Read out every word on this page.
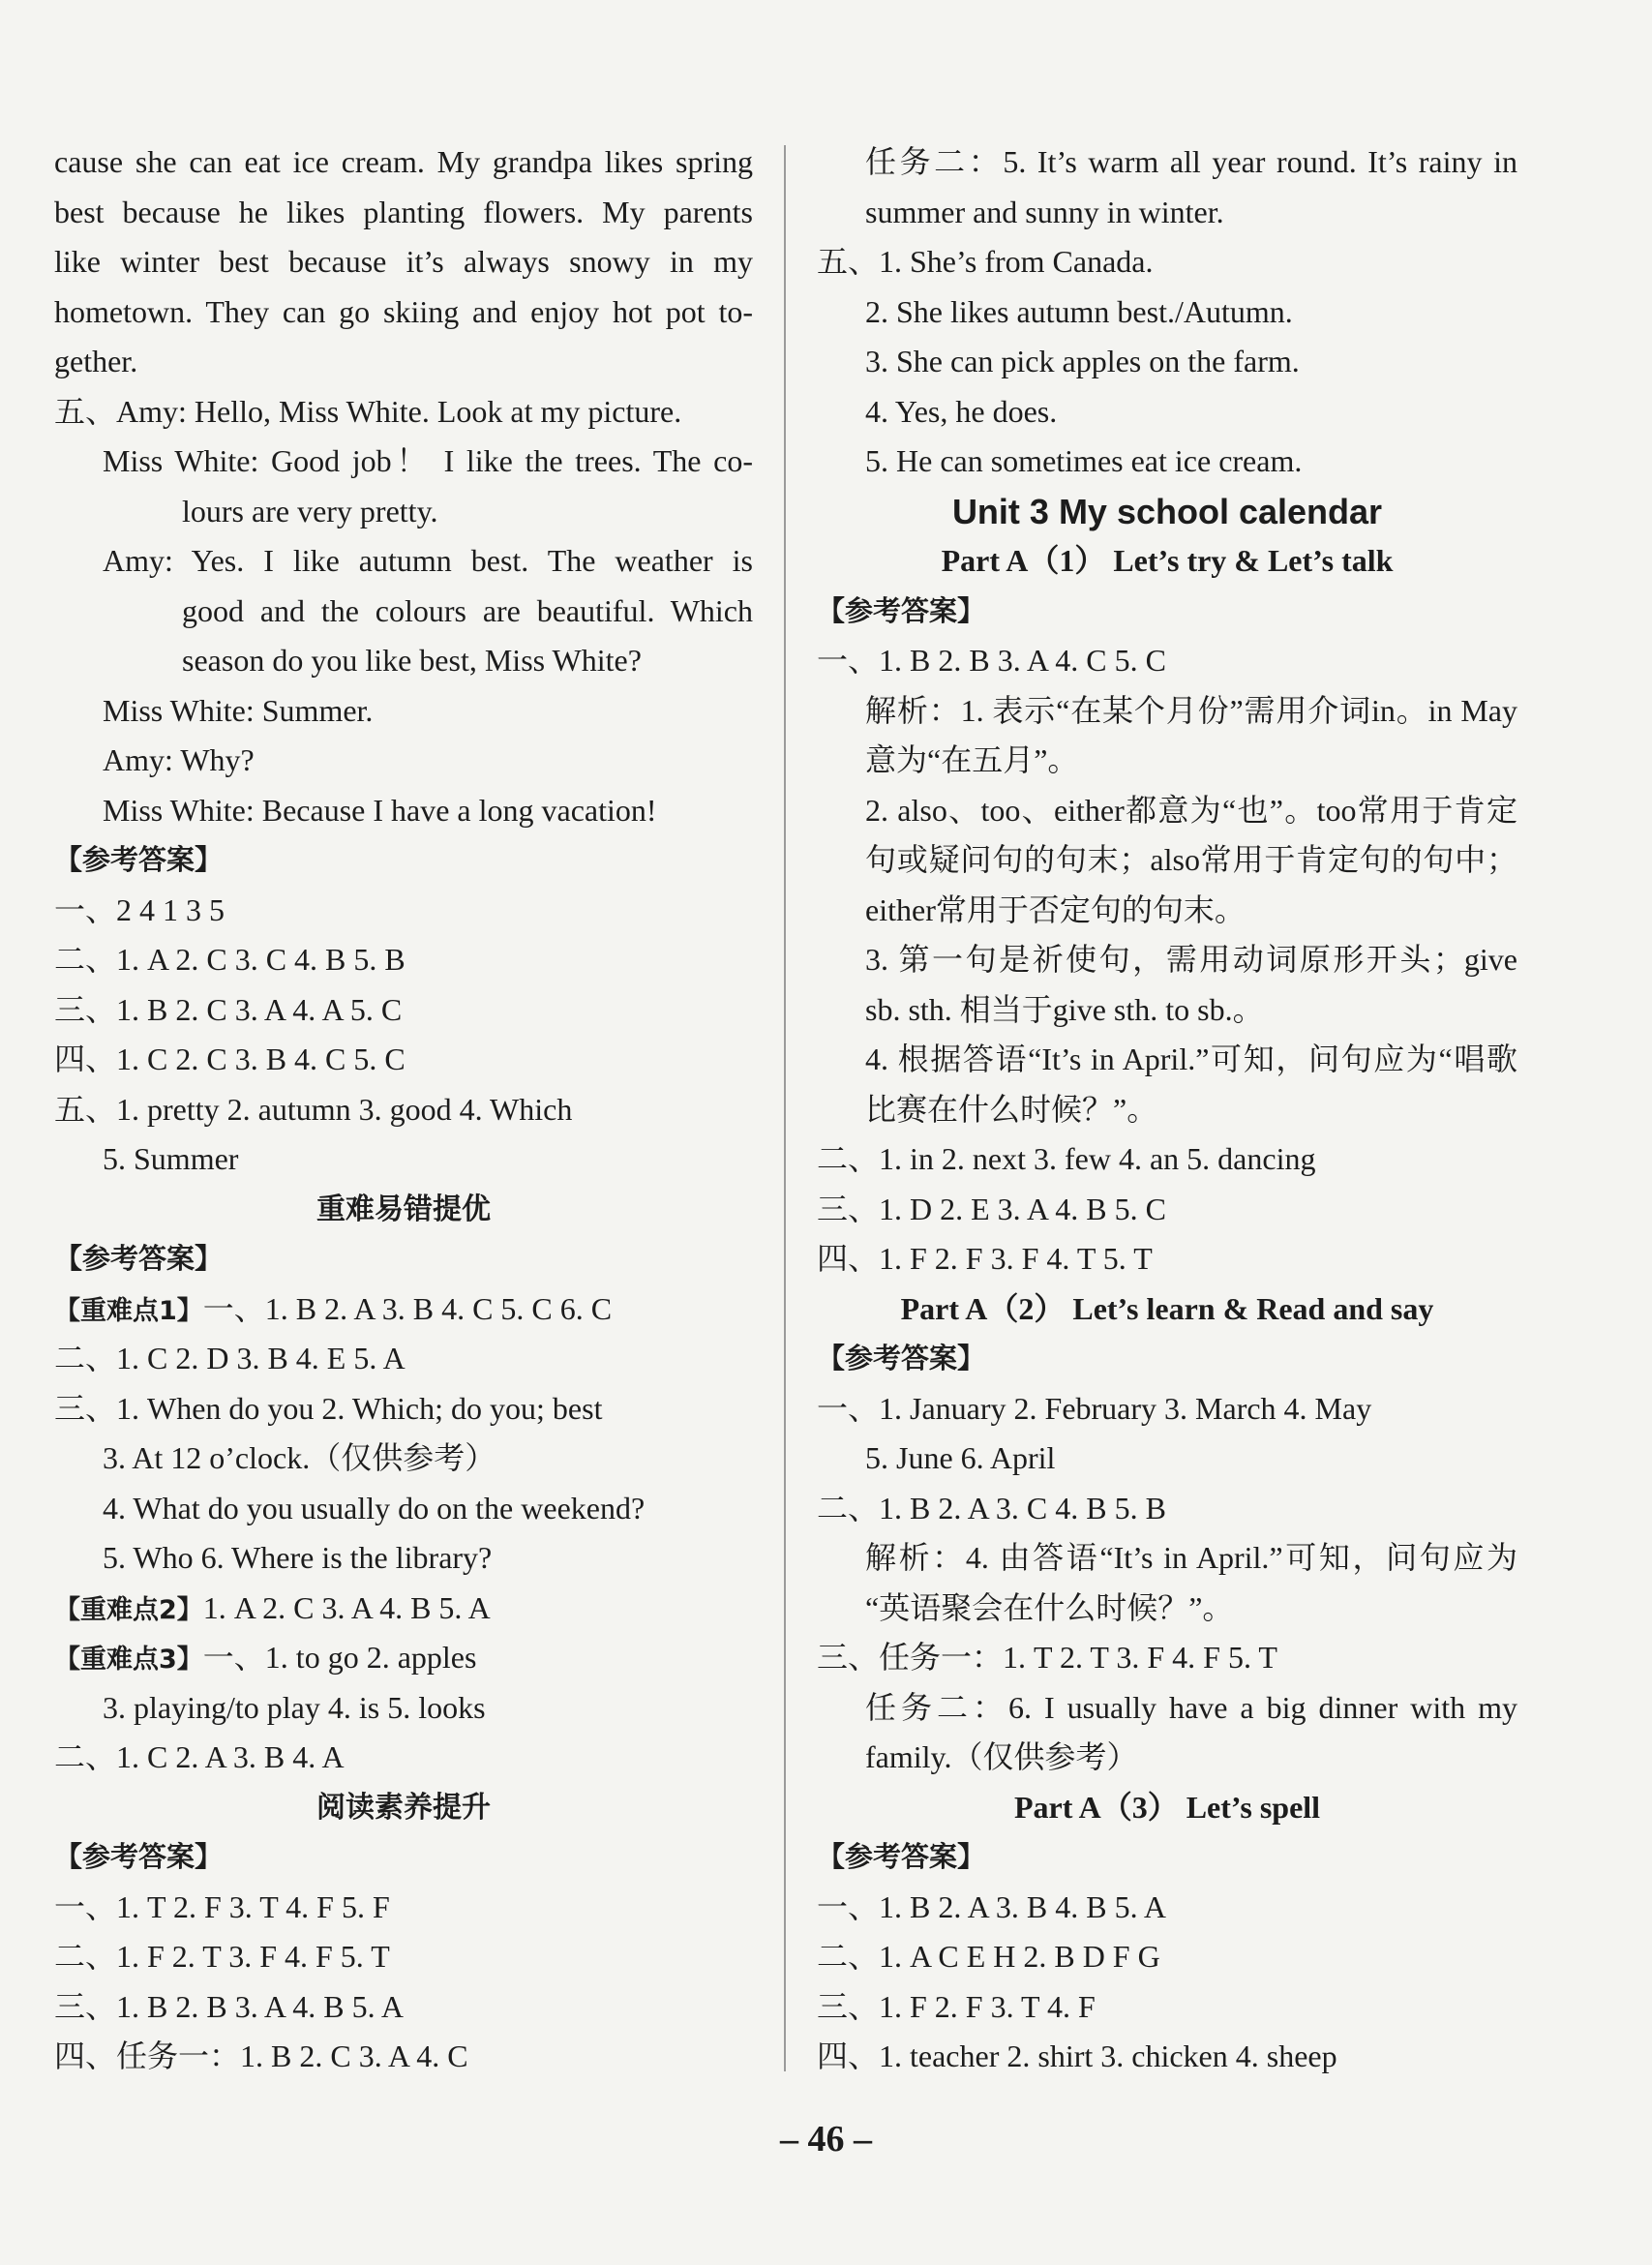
cause she can eat ice cream. My grandpa likes spring
best because he likes planting flowers. My parents
like winter best because it’s always snowy in my
hometown. They can go skiing and enjoy hot pot to-
gether.
五、Amy: Hello, Miss White. Look at my picture.
Miss White: Good job！ I like the trees. The co-
lours are very pretty.
Amy: Yes. I like autumn best. The weather is
good and the colours are beautiful. Which
season do you like best, Miss White?
Miss White: Summer.
Amy: Why?
Miss White: Because I have a long vacation!
【参考答案】
一、2 4 1 3 5
二、1. A 2. C 3. C 4. B 5. B
三、1. B 2. C 3. A 4. A 5. C
四、1. C 2. C 3. B 4. C 5. C
五、1. pretty 2. autumn 3. good 4. Which
5. Summer
重难易错提优
【参考答案】
【重难点1】一、1. B 2. A 3. B 4. C 5. C 6. C
二、1. C 2. D 3. B 4. E 5. A
三、1. When do you 2. Which; do you; best
3. At 12 o’clock.（仅供参考）
4. What do you usually do on the weekend?
5. Who 6. Where is the library?
【重难点2】1. A 2. C 3. A 4. B 5. A
【重难点3】一、1. to go 2. apples
3. playing/to play 4. is 5. looks
二、1. C 2. A 3. B 4. A
阅读素养提升
【参考答案】
一、1. T 2. F 3. T 4. F 5. F
二、1. F 2. T 3. F 4. F 5. T
三、1. B 2. B 3. A 4. B 5. A
四、任务一：1. B 2. C 3. A 4. C
任务二：5. It’s warm all year round. It’s rainy in
summer and sunny in winter.
五、1. She’s from Canada.
2. She likes autumn best./Autumn.
3. She can pick apples on the farm.
4. Yes, he does.
5. He can sometimes eat ice cream.
Unit 3 My school calendar
Part A（1） Let’s try & Let’s talk
【参考答案】
一、1. B 2. B 3. A 4. C 5. C
解析：1. 表示“在某个月份”需用介词in。in May
意为“在五月”。
2. also、too、either都意为“也”。too常用于肯定
句或疑问句的句末；also常用于肯定句的句中；
either常用于否定句的句末。
3. 第一句是祈使句，需用动词原形开头；give
sb. sth. 相当于give sth. to sb.。
4. 根据答语“It’s in April.”可知，问句应为“唱歌
比赛在什么时候？”。
二、1. in 2. next 3. few 4. an 5. dancing
三、1. D 2. E 3. A 4. B 5. C
四、1. F 2. F 3. F 4. T 5. T
Part A（2） Let’s learn & Read and say
【参考答案】
一、1. January 2. February 3. March 4. May
5. June 6. April
二、1. B 2. A 3. C 4. B 5. B
解析：4. 由答语“It’s in April.”可知，问句应为
“英语聚会在什么时候？”。
三、任务一：1. T 2. T 3. F 4. F 5. T
任务二：6. I usually have a big dinner with my
family.（仅供参考）
Part A（3） Let’s spell
【参考答案】
一、1. B 2. A 3. B 4. B 5. A
二、1. A C E H 2. B D F G
三、1. F 2. F 3. T 4. F
四、1. teacher 2. shirt 3. chicken 4. sheep
– 46 –
